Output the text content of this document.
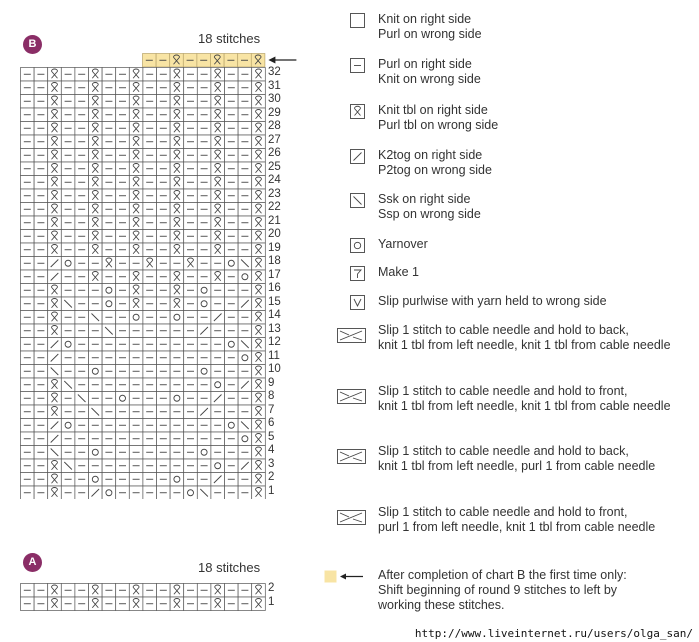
B	18 stitches
32
31
30
29
28
27
26
25
24
23
22
21
20
19
18
17
16
15
14
13
12
11
10
9
8
7
6
5
4
3
2
1
A	18 stitches
2
1
Knit on right side
Purl on wrong side
Purl on right side
Knit on wrong side
Knit tbl on right side
Purl tbl on wrong side
K2tog on right side
P2tog on wrong side
Ssk on right side
Ssp on wrong side
Yarnover
Make 1
Slip purlwise with yarn held to wrong side
Slip 1 stitch to cable needle and hold to back,
knit 1 tbl from left needle, knit 1 tbl from cable needle
Slip 1 stitch to cable needle and hold to front,
knit 1 tbl from left needle, knit 1 tbl from cable needle
Slip 1 stitch to cable needle and hold to back,
knit 1 tbl from left needle, purl 1 from cable needle
Slip 1 stitch to cable needle and hold to front,
purl 1 from left needle, knit 1 tbl from cable needle
After completion of chart B the first time only:
Shift beginning of round 9 stitches to left by
working these stitches.
http://www.liveinternet.ru/users/olga_san/
